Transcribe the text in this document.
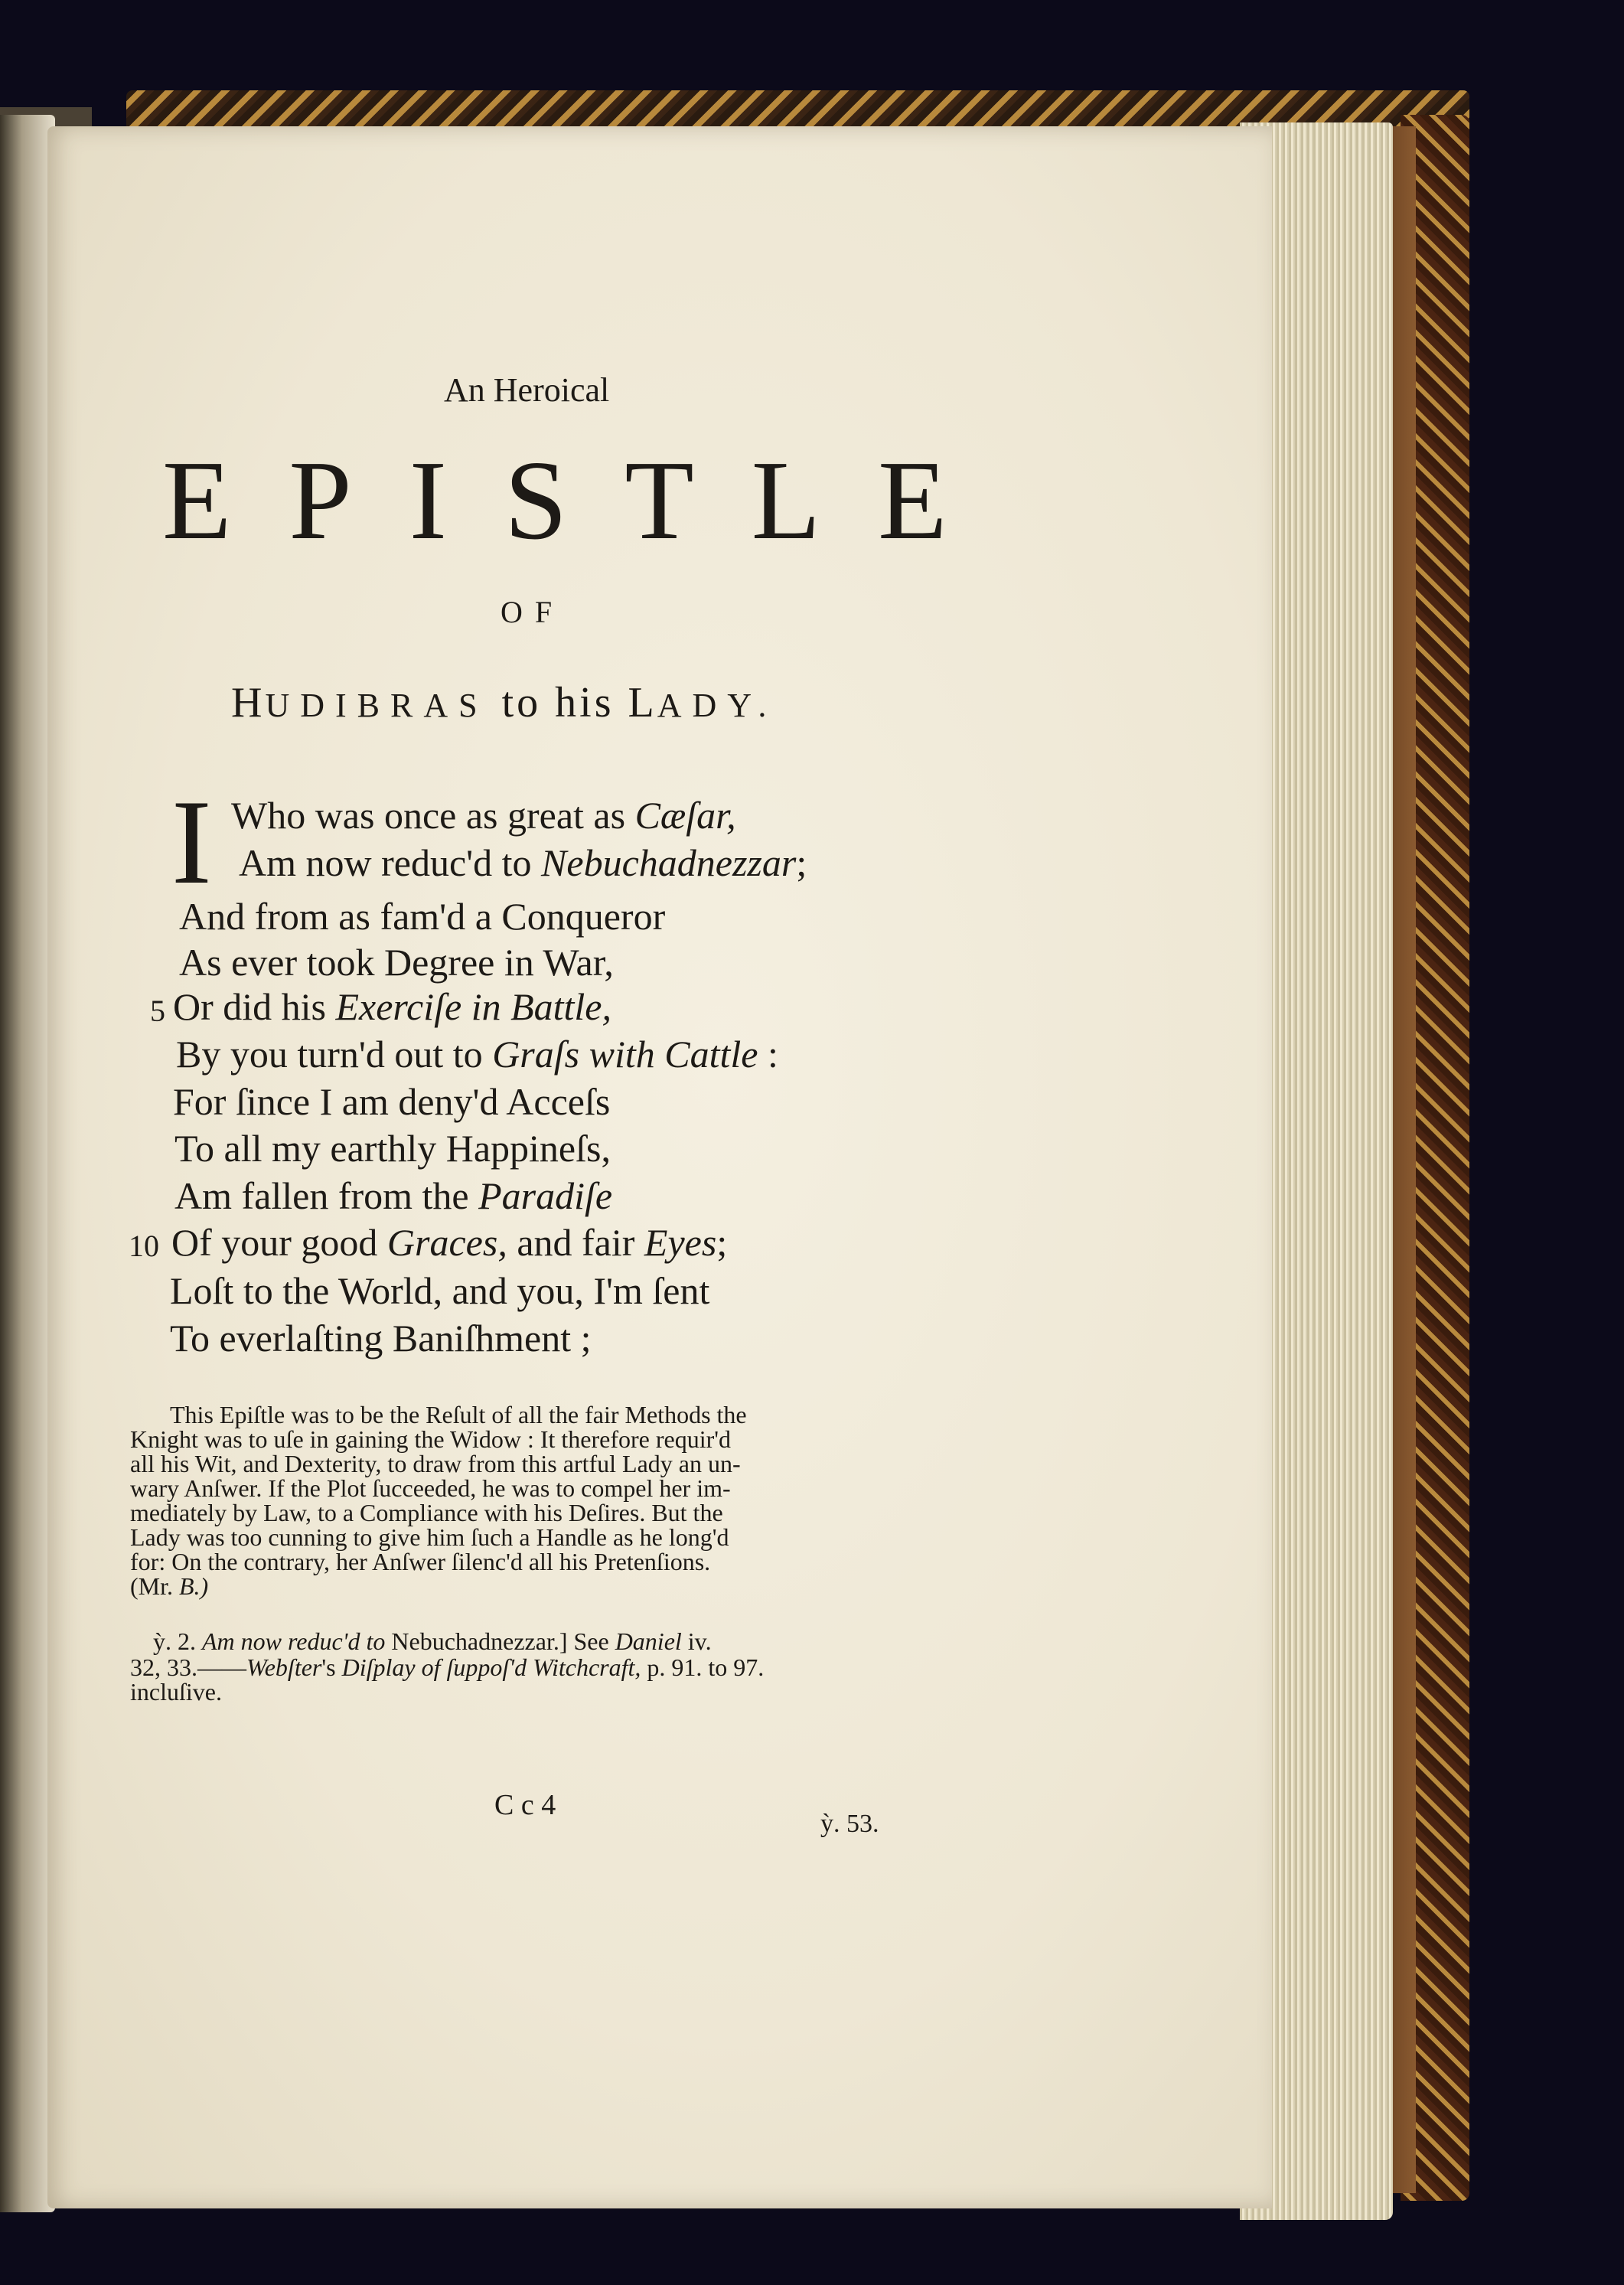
An Heroical
EPISTLE
OF
HUDIBRAS to his LADY.
I Who was once as great as Cæſar,
Am now reduc'd to Nebuchadnezzar;
And from as fam'd a Conqueror
As ever took Degree in War,
5 Or did his Exerciſe in Battle,
By you turn'd out to Graſs with Cattle :
For ſince I am deny'd Acceſs
To all my earthly Happineſs,
Am fallen from the Paradiſe
10 Of your good Graces, and fair Eyes;
Loſt to the World, and you, I'm ſent
To everlaſting Baniſhment ;
This Epiſtle was to be the Reſult of all the fair Methods the
Knight was to uſe in gaining the Widow : It therefore requir'd
all his Wit, and Dexterity, to draw from this artful Lady an un-
wary Anſwer. If the Plot ſucceeded, he was to compel her im-
mediately by Law, to a Compliance with his Deſires. But the
Lady was too cunning to give him ſuch a Handle as he long'd
for: On the contrary, her Anſwer ſilenc'd all his Pretenſions.
(Mr. B.)
ỳ. 2. Am now reduc'd to Nebuchadnezzar.] See Daniel iv.
32, 33.——Webſter's Diſplay of ſuppoſ'd Witchcraft, p. 91. to 97.
incluſive.
C c 4
ỳ. 53.
